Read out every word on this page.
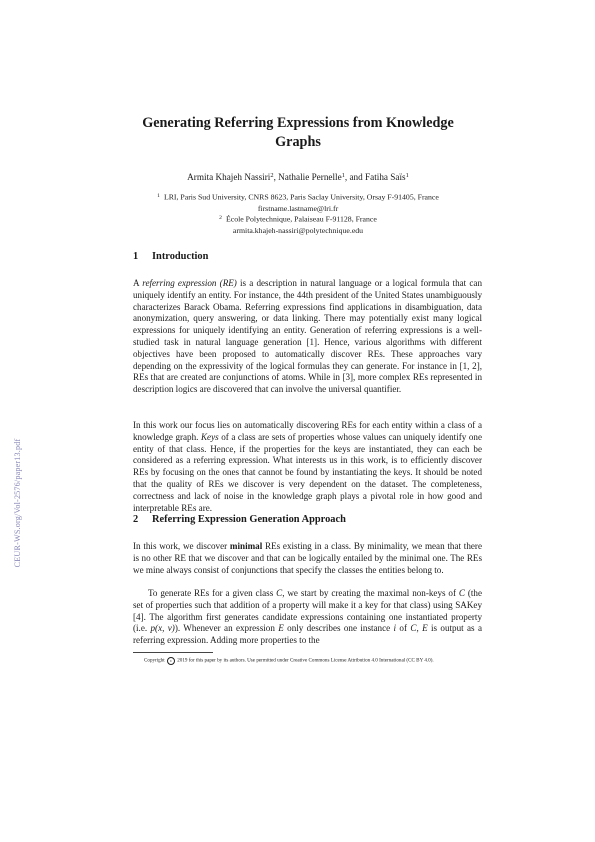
CEUR-WS.org/Vol-2576/paper13.pdf
Generating Referring Expressions from Knowledge Graphs
Armita Khajeh Nassiri$^2$, Nathalie Pernelle$^1$, and Fatiha Saïs$^1$
$^1$ LRI, Paris Sud University, CNRS 8623, Paris Saclay University, Orsay F-91405, France
firstname.lastname@lri.fr
$^2$ École Polytechnique, Palaiseau F-91128, France
armita.khajeh-nassiri@polytechnique.edu
1 Introduction
A referring expression (RE) is a description in natural language or a logical formula that can uniquely identify an entity. For instance, the 44th president of the United States unambiguously characterizes Barack Obama. Referring expressions find applications in disambiguation, data anonymization, query answering, or data linking. There may potentially exist many logical expressions for uniquely identifying an entity. Generation of referring expressions is a well-studied task in natural language generation [1]. Hence, various algorithms with different objectives have been proposed to automatically discover REs. These approaches vary depending on the expressivity of the logical formulas they can generate. For instance in [1, 2], REs that are created are conjunctions of atoms. While in [3], more complex REs represented in description logics are discovered that can involve the universal quantifier.
In this work our focus lies on automatically discovering REs for each entity within a class of a knowledge graph. Keys of a class are sets of properties whose values can uniquely identify one entity of that class. Hence, if the properties for the keys are instantiated, they can each be considered as a referring expression. What interests us in this work, is to efficiently discover REs by focusing on the ones that cannot be found by instantiating the keys. It should be noted that the quality of REs we discover is very dependent on the dataset. The completeness, correctness and lack of noise in the knowledge graph plays a pivotal role in how good and interpretable REs are.
2 Referring Expression Generation Approach
In this work, we discover minimal REs existing in a class. By minimality, we mean that there is no other RE that we discover and that can be logically entailed by the minimal one. The REs we mine always consist of conjunctions that specify the classes the entities belong to.
To generate REs for a given class C, we start by creating the maximal non-keys of C (the set of properties such that addition of a property will make it a key for that class) using SAKey [4]. The algorithm first generates candidate expressions containing one instantiated property (i.e. p(x, v)). Whenever an expression E only describes one instance i of C, E is output as a referring expression. Adding more properties to the
Copyright c 2019 for this paper by its authors. Use permitted under Creative Commons License Attribution 4.0 International (CC BY 4.0).
